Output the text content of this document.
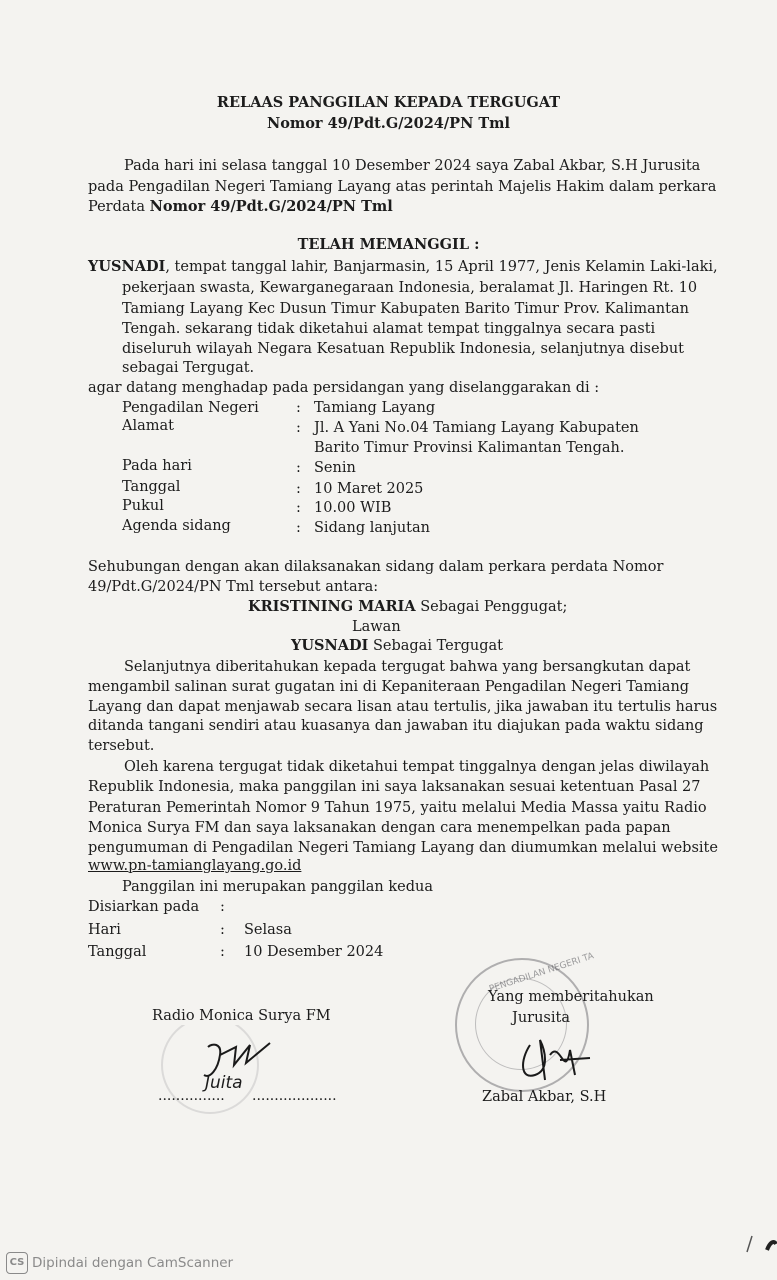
RELAAS PANGGILAN KEPADA TERGUGAT
Nomor 49/Pdt.G/2024/PN Tml
Pada hari ini selasa tanggal 10 Desember 2024 saya Zabal Akbar, S.H Jurusita
pada Pengadilan Negeri Tamiang Layang atas perintah Majelis Hakim dalam perkara
Perdata Nomor 49/Pdt.G/2024/PN Tml
TELAH MEMANGGIL :
YUSNADI, tempat tanggal lahir, Banjarmasin, 15 April 1977, Jenis Kelamin Laki-laki,
pekerjaan swasta, Kewarganegaraan Indonesia, beralamat Jl. Haringen Rt. 10
Tamiang Layang Kec Dusun Timur Kabupaten Barito Timur Prov. Kalimantan
Tengah. sekarang tidak diketahui alamat tempat tinggalnya secara pasti
diseluruh wilayah Negara Kesatuan Republik Indonesia, selanjutnya disebut
sebagai Tergugat.
agar datang menghadap pada persidangan yang diselanggarakan di :
Pengadilan Negeri	: Tamiang Layang
Alamat	: Jl. A Yani No.04 Tamiang Layang Kabupaten
Barito Timur Provinsi Kalimantan Tengah.
Pada hari	: Senin
Tanggal	: 10 Maret 2025
Pukul	: 10.00 WIB
Agenda sidang	: Sidang lanjutan
Sehubungan dengan akan dilaksanakan sidang dalam perkara perdata Nomor
49/Pdt.G/2024/PN Tml tersebut antara:
KRISTINING MARIA Sebagai Penggugat;
Lawan
YUSNADI Sebagai Tergugat
Selanjutnya diberitahukan kepada tergugat bahwa yang bersangkutan dapat
mengambil salinan surat gugatan ini di Kepaniteraan Pengadilan Negeri Tamiang
Layang dan dapat menjawab secara lisan atau tertulis, jika jawaban itu tertulis harus
ditanda tangani sendiri atau kuasanya dan jawaban itu diajukan pada waktu sidang
tersebut.
Oleh karena tergugat tidak diketahui tempat tinggalnya dengan jelas diwilayah
Republik Indonesia, maka panggilan ini saya laksanakan sesuai ketentuan Pasal 27
Peraturan Pemerintah Nomor 9 Tahun 1975, yaitu melalui Media Massa yaitu Radio
Monica Surya FM dan saya laksanakan dengan cara menempelkan pada papan
pengumuman di Pengadilan Negeri Tamiang Layang dan diumumkan melalui website
www.pn-tamianglayang.go.id
Panggilan ini merupakan panggilan kedua
Disiarkan pada :
Hari	: Selasa
Tanggal	: 10 Desember 2024
Radio Monica Surya FM
Juita
............... ...................
PENGADILAN NEGERI TA
Yang memberitahukan
Jurusita
Zabal Akbar, S.H
CS Dipindai dengan CamScanner
